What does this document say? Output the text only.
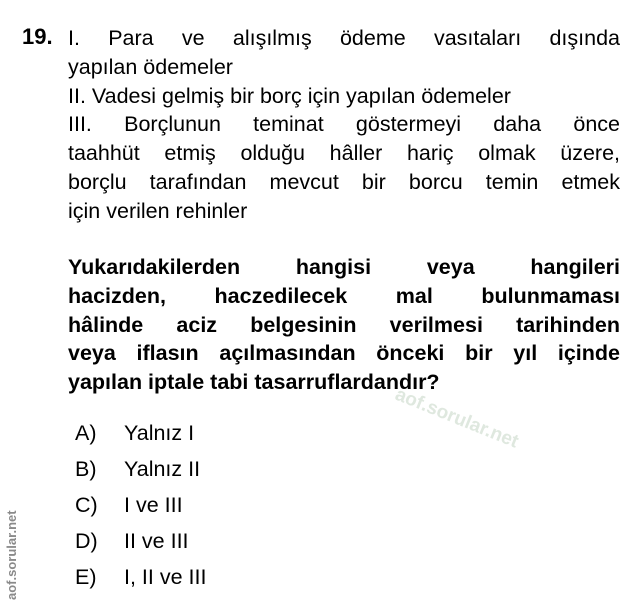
19. I. Para ve alışılmış ödeme vasıtaları dışında
yapılan ödemeler
II. Vadesi gelmiş bir borç için yapılan ödemeler
III. Borçlunun teminat göstermeyi daha önce
taahhüt etmiş olduğu hâller hariç olmak üzere,
borçlu tarafından mevcut bir borcu temin etmek
için verilen rehinler
Yukarıdakilerden hangisi veya hangileri
hacizden, haczedilecek mal bulunmaması
hâlinde aciz belgesinin verilmesi tarihinden
veya iflasın açılmasından önceki bir yıl içinde
yapılan iptale tabi tasarruflardandır?
aof.sorular.net
A) Yalnız I
B) Yalnız II
C) I ve III
D) II ve III
E) I, II ve III
aof.sorular.net
